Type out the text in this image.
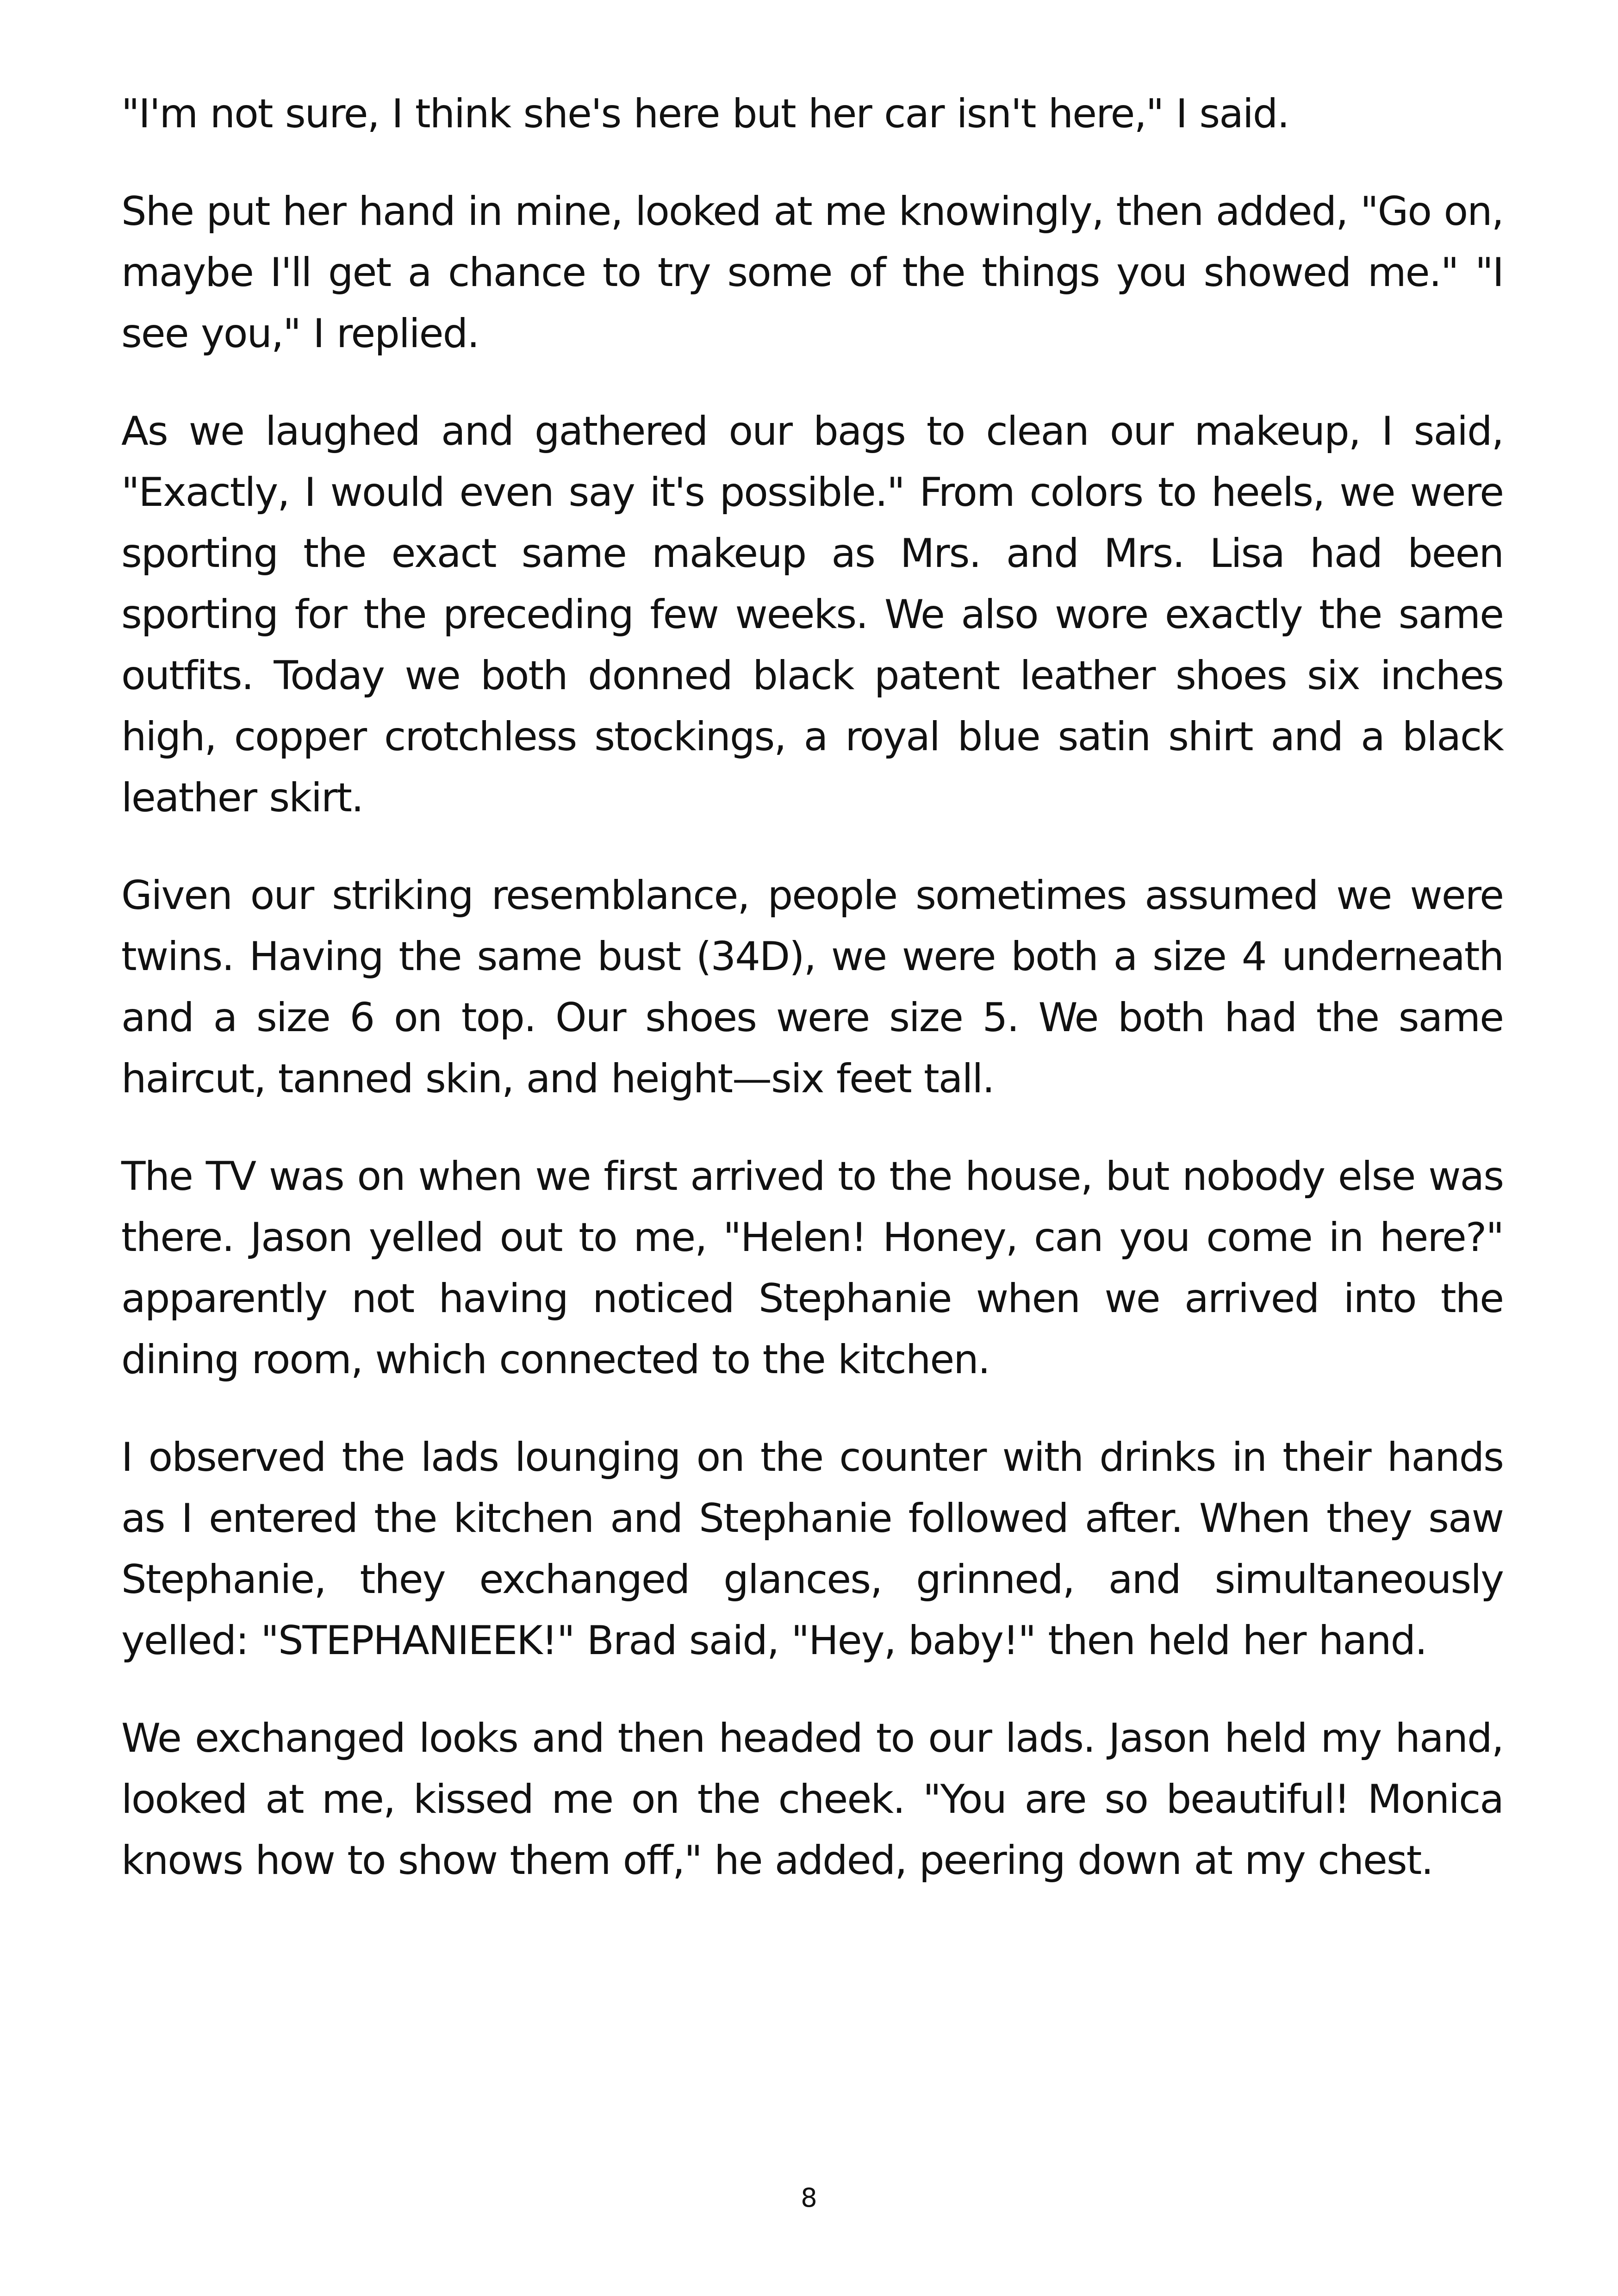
"I'm not sure, I think she's here but her car isn't here," I said.

She put her hand in mine, looked at me knowingly, then added, "Go on, maybe I'll get a chance to try some of the things you showed me." "I see you," I replied.

As we laughed and gathered our bags to clean our makeup, I said, "Exactly, I would even say it's possible." From colors to heels, we were sporting the exact same makeup as Mrs. and Mrs. Lisa had been sporting for the preceding few weeks. We also wore exactly the same outfits. Today we both donned black patent leather shoes six inches high, copper crotchless stockings, a royal blue satin shirt and a black leather skirt.

Given our striking resemblance, people sometimes assumed we were twins. Having the same bust (34D), we were both a size 4 underneath and a size 6 on top. Our shoes were size 5. We both had the same haircut, tanned skin, and height—six feet tall.

The TV was on when we first arrived to the house, but nobody else was there. Jason yelled out to me, "Helen! Honey, can you come in here?" apparently not having noticed Stephanie when we arrived into the dining room, which connected to the kitchen.

I observed the lads lounging on the counter with drinks in their hands as I entered the kitchen and Stephanie followed after. When they saw Stephanie, they exchanged glances, grinned, and simultaneously yelled: "STEPHANIEEK!" Brad said, "Hey, baby!" then held her hand.

We exchanged looks and then headed to our lads. Jason held my hand, looked at me, kissed me on the cheek. "You are so beautiful! Monica knows how to show them off," he added, peering down at my chest.

8
